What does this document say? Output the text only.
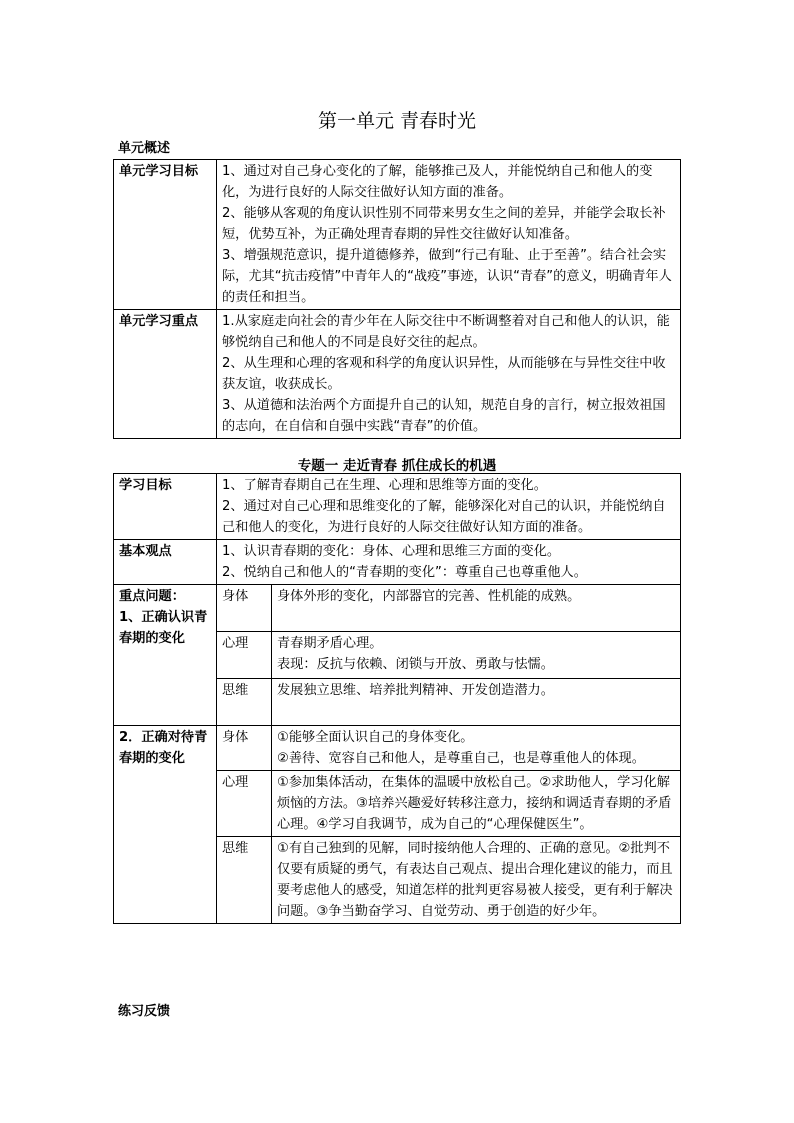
第一单元 青春时光
单元概述
单元学习目标	1、通过对自己身心变化的了解，能够推己及人，并能悦纳自己和他人的变化，为进行良好的人际交往做好认知方面的准备。
2、能够从客观的角度认识性别不同带来男女生之间的差异，并能学会取长补短，优势互补，为正确处理青春期的异性交往做好认知准备。
3、增强规范意识，提升道德修养，做到“行己有耻、止于至善”。结合社会实际，尤其“抗击疫情”中青年人的“战疫”事迹，认识“青春”的意义，明确青年人的责任和担当。

单元学习重点	1.从家庭走向社会的青少年在人际交往中不断调整着对自己和他人的认识，能够悦纳自己和他人的不同是良好交往的起点。
2、从生理和心理的客观和科学的角度认识异性，从而能够在与异性交往中收获友谊，收获成长。
3、从道德和法治两个方面提升自己的认知，规范自身的言行，树立报效祖国的志向，在自信和自强中实践“青春”的价值。
专题一 走近青春 抓住成长的机遇
学习目标	1、了解青春期自己在生理、心理和思维等方面的变化。
2、通过对自己心理和思维变化的了解，能够深化对自己的认识，并能悦纳自己和他人的变化，为进行良好的人际交往做好认知方面的准备。	

基本观点	1、认识青春期的变化：身体、心理和思维三方面的变化。
2、悦纳自己和他人的“青春期的变化”：尊重自己也尊重他人。	

重点问题：
1、正确认识青春期的变化	身体	身体外形的变化，内部器官的完善、性机能的成熟。

	心理	青春期矛盾心理。
表现：反抗与依赖、闭锁与开放、勇敢与怯懦。

	思维	发展独立思维、培养批判精神、开发创造潜力。

2．正确对待青春期的变化	身体	①能够全面认识自己的身体变化。
②善待、宽容自己和他人，是尊重自己，也是尊重他人的体现。

	心理	①参加集体活动，在集体的温暖中放松自己。②求助他人，学习化解烦恼的方法。③培养兴趣爱好转移注意力，接纳和调适青春期的矛盾心理。④学习自我调节，成为自己的“心理保健医生”。

	思维	①有自己独到的见解，同时接纳他人合理的、正确的意见。②批判不仅要有质疑的勇气，有表达自己观点、提出合理化建议的能力，而且要考虑他人的感受，知道怎样的批判更容易被人接受，更有利于解决问题。③争当勤奋学习、自觉劳动、勇于创造的好少年。
练习反馈
